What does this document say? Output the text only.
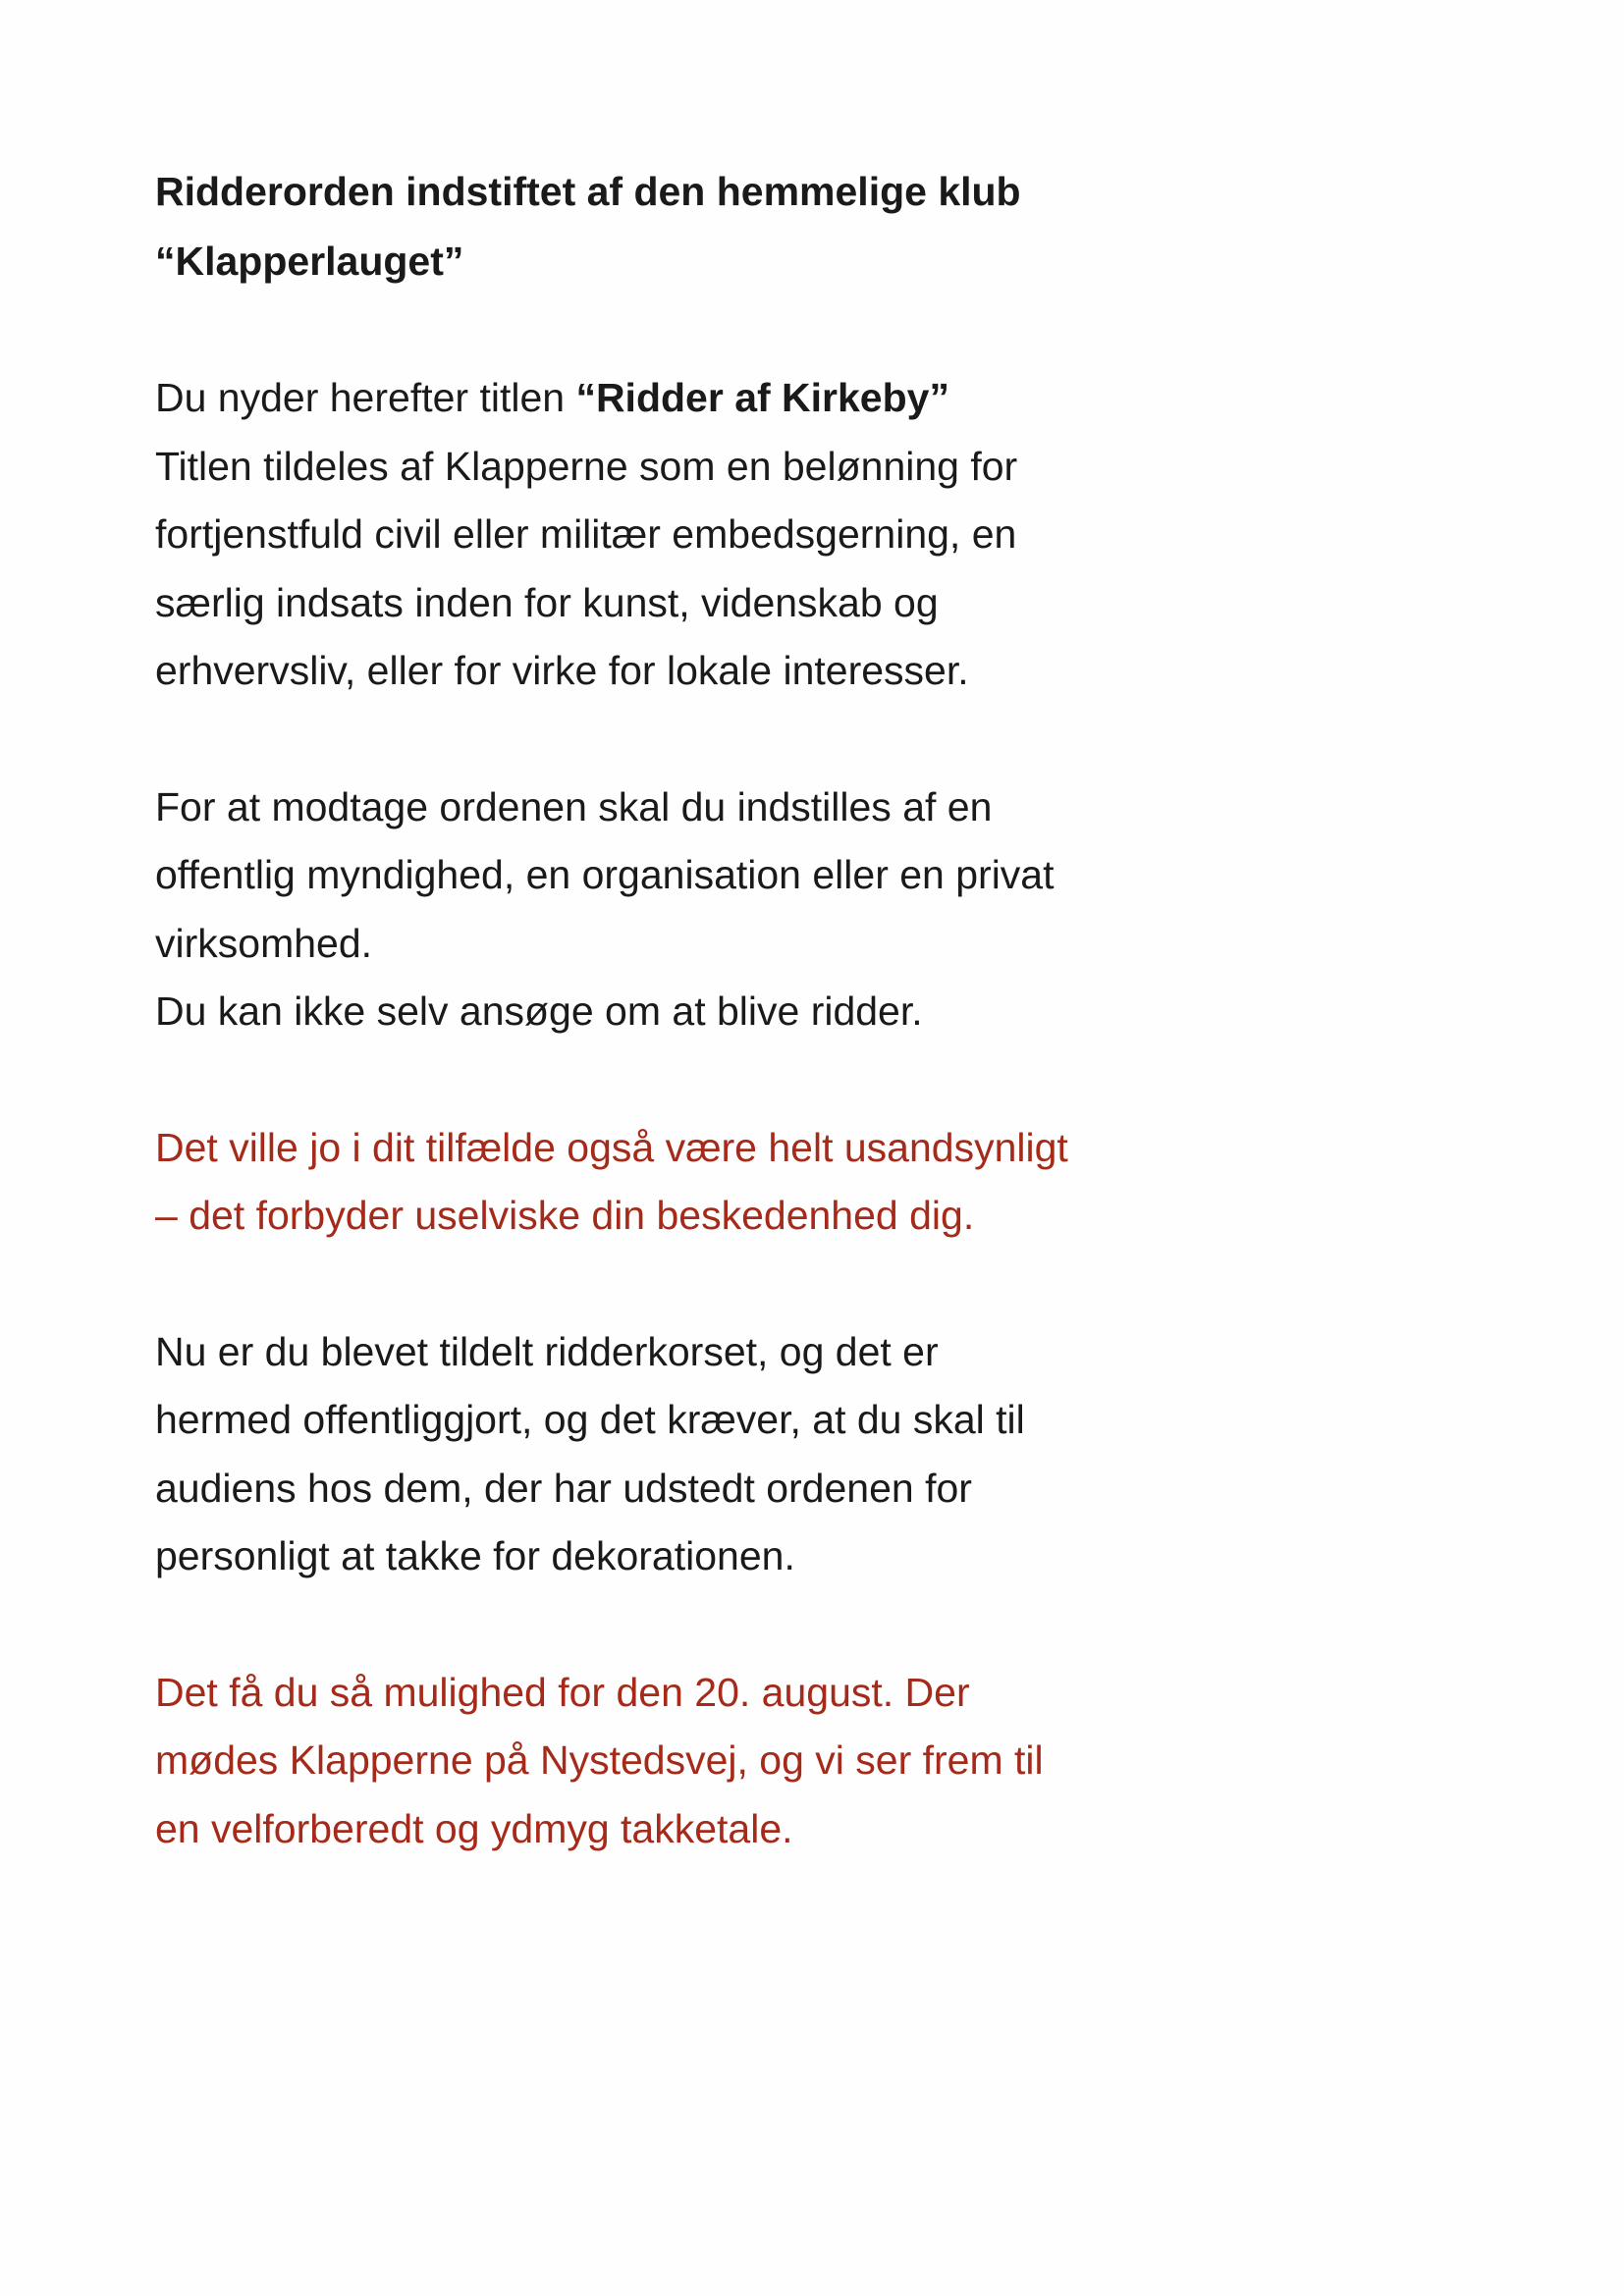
Ridderorden indstiftet af den hemmelige klub

“Klapperlauget”

Du nyder herefter titlen “Ridder af Kirkeby”

Titlen tildeles af Klapperne som en belønning for

fortjenstfuld civil eller militær embedsgerning, en

særlig indsats inden for kunst, videnskab og

erhvervsliv, eller for virke for lokale interesser.

For at modtage ordenen skal du indstilles af en

offentlig myndighed, en organisation eller en privat

virksomhed.

Du kan ikke selv ansøge om at blive ridder.

Det ville jo i dit tilfælde også være helt usandsynligt

– det forbyder uselviske din beskedenhed dig.

Nu er du blevet tildelt ridderkorset, og det er

hermed offentliggjort, og det kræver, at du skal til

audiens hos dem, der har udstedt ordenen for

personligt at takke for dekorationen.

Det få du så mulighed for den 20. august. Der

mødes Klapperne på Nystedsvej, og vi ser frem til

en velforberedt og ydmyg takketale.
